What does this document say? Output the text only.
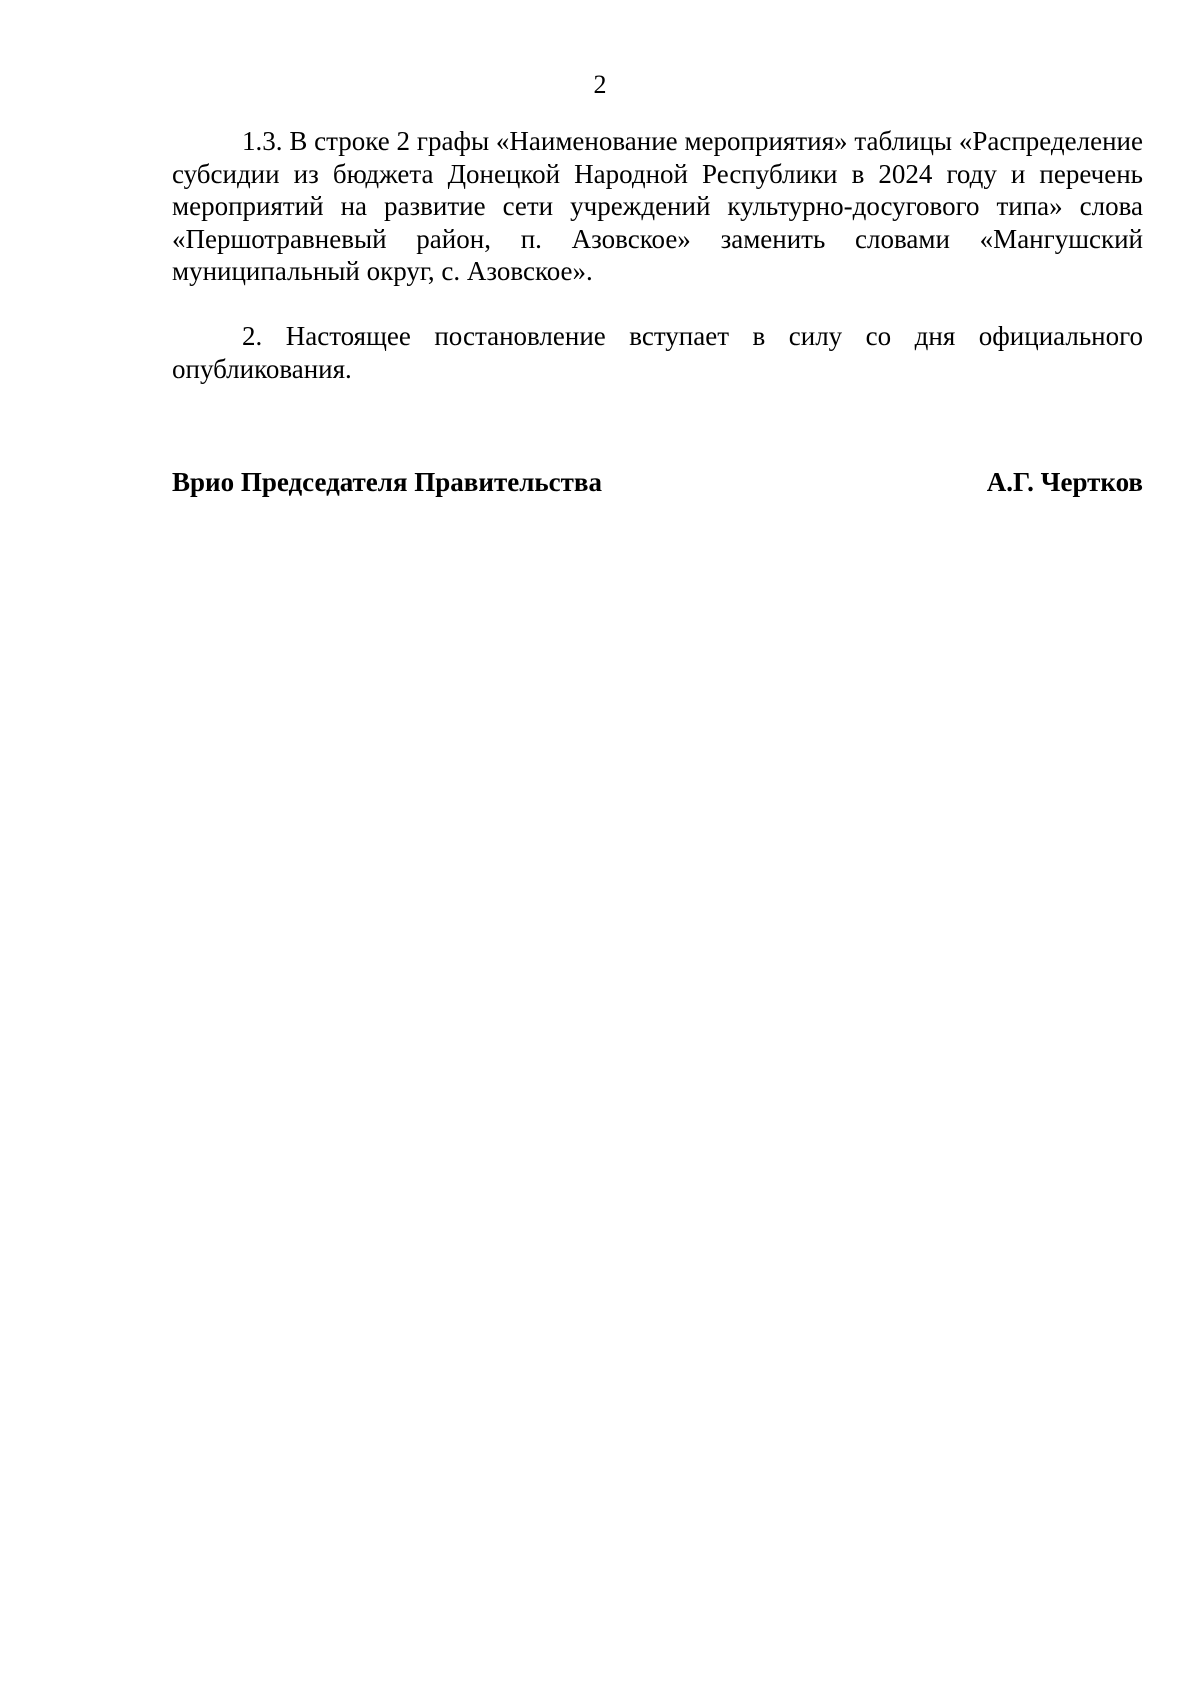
2

1.3. В строке 2 графы «Наименование мероприятия» таблицы «Распределение субсидии из бюджета Донецкой Народной Республики в 2024 году и перечень мероприятий на развитие сети учреждений культурно-досугового типа» слова «Першотравневый район, п. Азовское» заменить словами «Мангушский муниципальный округ, с. Азовское».

2. Настоящее постановление вступает в силу со дня официального опубликования.

Врио Председателя Правительства	А.Г. Чертков
